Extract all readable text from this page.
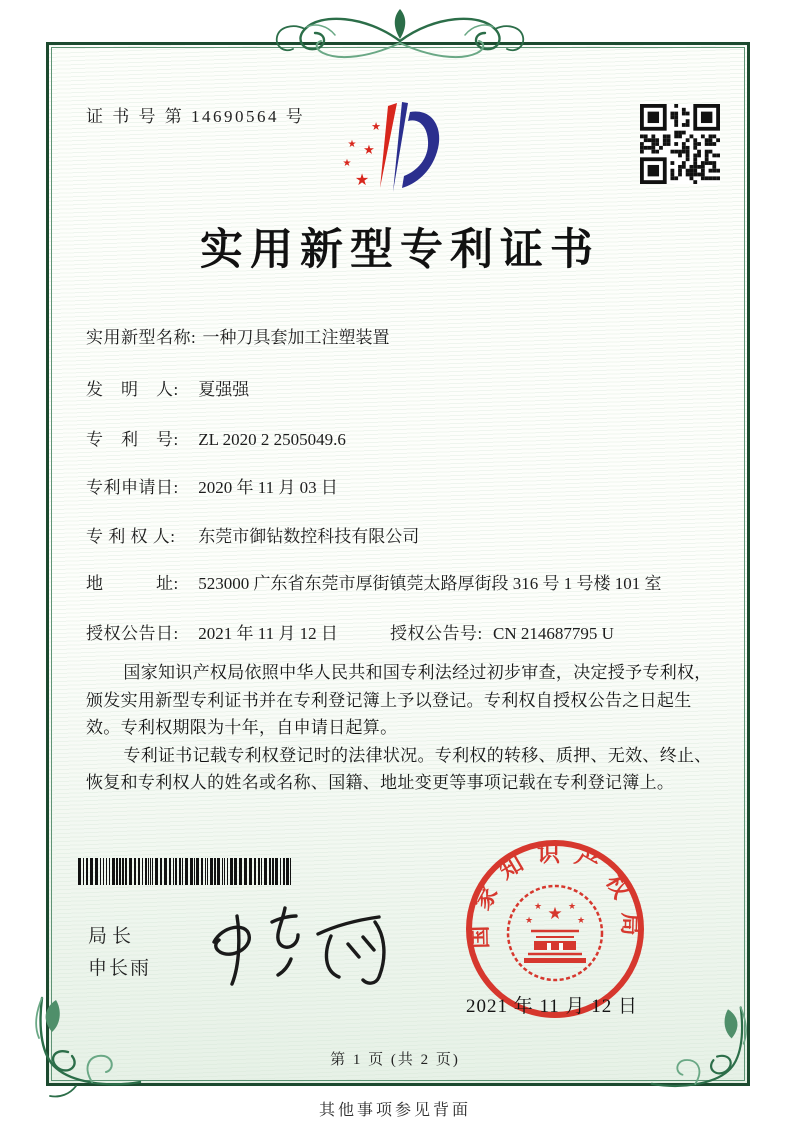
证 书 号 第 14690564 号
★
★ ★
★
★
实用新型专利证书
实用新型名称: 一种刀具套加工注塑装置
发　明　人: 夏强强
专　利　号: ZL 2020 2 2505049.6
专利申请日: 2020 年 11 月 03 日
专 利 权 人: 东莞市御钻数控科技有限公司
地　　　址: 523000 广东省东莞市厚街镇莞太路厚街段 316 号 1 号楼 101 室
授权公告日: 2021 年 11 月 12 日	授权公告号: CN 214687795 U

国家知识产权局依照中华人民共和国专利法经过初步审查，决定授予专利权，颁发实用新型专利证书并在专利登记簿上予以登记。专利权自授权公告之日起生效。专利权期限为十年，自申请日起算。

专利证书记载专利权登记时的法律状况。专利权的转移、质押、无效、终止、恢复和专利权人的姓名或名称、国籍、地址变更等事项记载在专利登记簿上。

局长
申长雨
国家知识产权局
★
★	★
★	★
2021 年 11 月 12 日
第 1 页 (共 2 页)
其他事项参见背面
